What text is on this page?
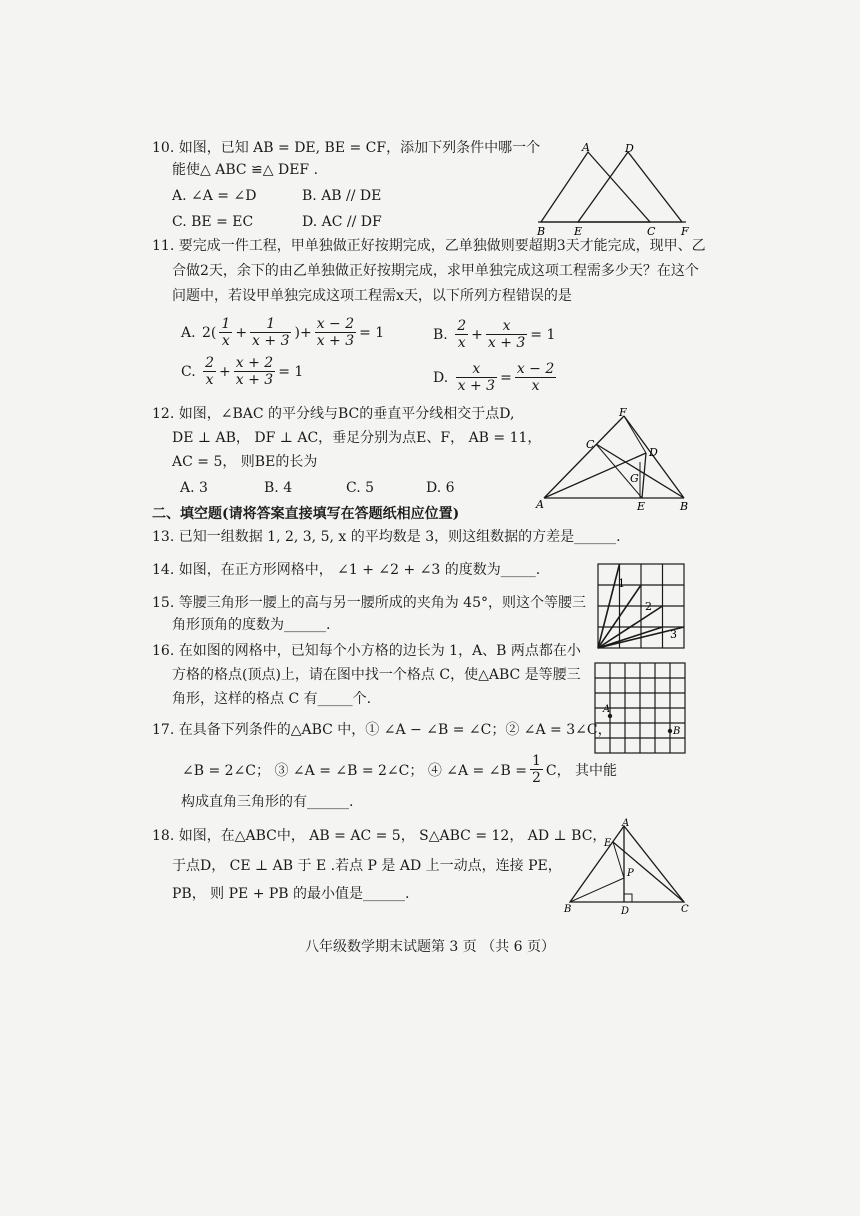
10. 如图，已知 AB = DE, BE = CF，添加下列条件中哪一个
能使△ ABC ≌△ DEF .
A. ∠A = ∠D	B. AB // DE
C. BE = EC	D. AC // DF
A	D
B	E	C F
11. 要完成一件工程，甲单独做正好按期完成，乙单独做则要超期3天才能完成，现甲、乙
合做2天，余下的由乙单独做正好按期完成，求甲单独完成这项工程需多少天？在这个
问题中，若设甲单独完成这项工程需x天，以下所列方程错误的是
A.
$2( \frac{1}{x} + \frac{1}{x + 3}$ )+ $\frac{x - 2}{x + 3} = 1$	B.
$\frac{2}{x} + \frac{x}{x + 3} = 1$
C.
$\frac{2}{x} + \frac{x + 2}{x + 3} = 1$	D.
$\frac{x}{x + 3} = \frac{x - 2}{x}$
12. 如图，∠BAC 的平分线与BC的垂直平分线相交于点D,
DE ⊥ AB， DF ⊥ AC，垂足分别为点E、F， AB = 11，
AC = 5， 则BE的长为
A. 3	B. 4	C. 5	D. 6
F
C
D
G
A	E	B
二、填空题(请将答案直接填写在答题纸相应位置)
13. 已知一组数据 1, 2, 3, 5, x 的平均数是 3，则这组数据的方差是______.
14. 如图，在正方形网格中， ∠1 + ∠2 + ∠3 的度数为_____.
1
2
3
15. 等腰三角形一腰上的高与另一腰所成的夹角为 45°，则这个等腰三
角形顶角的度数为______.
16. 在如图的网格中，已知每个小方格的边长为 1，A、B 两点都在小
方格的格点(顶点)上，请在图中找一个格点 C，使△ABC 是等腰三
角形，这样的格点 C 有_____个.
A
B
17. 在具备下列条件的△ABC 中，① ∠A − ∠B = ∠C；② ∠A = 3∠C，
∠B = 2∠C； ③ ∠A = ∠B = 2∠C； ④ ∠A = ∠B = $\frac{1}{2}$ C， 其中能
构成直角三角形的有______.
18. 如图，在△ABC中， AB = AC = 5， S△ABC = 12， AD ⊥ BC，
于点D， CE ⊥ AB 于 E .若点 P 是 AD 上一动点，连接 PE，
PB， 则 PE + PB 的最小值是______.
A
E
P
B	D	C
八年级数学期末试题第 3 页 （共 6 页）
